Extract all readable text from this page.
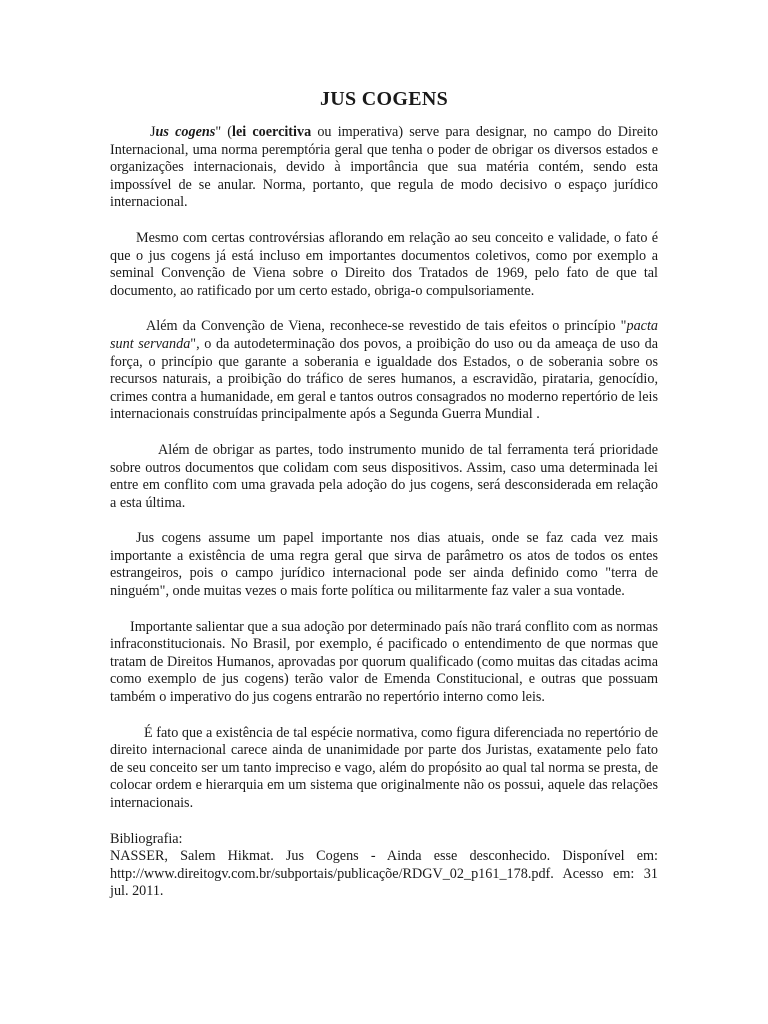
JUS COGENS

Jus cogens" (lei coercitiva ou imperativa) serve para designar, no campo do Direito Internacional, uma norma peremptória geral que tenha o poder de obrigar os diversos estados e organizações internacionais, devido à importância que sua matéria contém, sendo esta impossível de se anular. Norma, portanto, que regula de modo decisivo o espaço jurídico internacional.

Mesmo com certas controvérsias aflorando em relação ao seu conceito e validade, o fato é que o jus cogens já está incluso em importantes documentos coletivos, como por exemplo a seminal Convenção de Viena sobre o Direito dos Tratados de 1969, pelo fato de que tal documento, ao ratificado por um certo estado, obriga-o compulsoriamente.

Além da Convenção de Viena, reconhece-se revestido de tais efeitos o princípio "pacta sunt servanda", o da autodeterminação dos povos, a proibição do uso ou da ameaça de uso da força, o princípio que garante a soberania e igualdade dos Estados, o de soberania sobre os recursos naturais, a proibição do tráfico de seres humanos, a escravidão, pirataria, genocídio, crimes contra a humanidade, em geral e tantos outros consagrados no moderno repertório de leis internacionais construídas principalmente após a Segunda Guerra Mundial .

Além de obrigar as partes, todo instrumento munido de tal ferramenta terá prioridade sobre outros documentos que colidam com seus dispositivos. Assim, caso uma determinada lei entre em conflito com uma gravada pela adoção do jus cogens, será desconsiderada em relação a esta última.

Jus cogens assume um papel importante nos dias atuais, onde se faz cada vez mais importante a existência de uma regra geral que sirva de parâmetro os atos de todos os entes estrangeiros, pois o campo jurídico internacional pode ser ainda definido como "terra de ninguém", onde muitas vezes o mais forte política ou militarmente faz valer a sua vontade.

Importante salientar que a sua adoção por determinado país não trará conflito com as normas infraconstitucionais. No Brasil, por exemplo, é pacificado o entendimento de que normas que tratam de Direitos Humanos, aprovadas por quorum qualificado (como muitas das citadas acima como exemplo de jus cogens) terão valor de Emenda Constitucional, e outras que possuam também o imperativo do jus cogens entrarão no repertório interno como leis.

É fato que a existência de tal espécie normativa, como figura diferenciada no repertório de direito internacional carece ainda de unanimidade por parte dos Juristas, exatamente pelo fato de seu conceito ser um tanto impreciso e vago, além do propósito ao qual tal norma se presta, de colocar ordem e hierarquia em um sistema que originalmente não os possui, aquele das relações internacionais.

Bibliografia:
NASSER, Salem Hikmat. Jus Cogens - Ainda esse desconhecido. Disponível em: http://www.direitogv.com.br/subportais/publicaçõe/RDGV_02_p161_178.pdf. Acesso em: 31 jul. 2011.
